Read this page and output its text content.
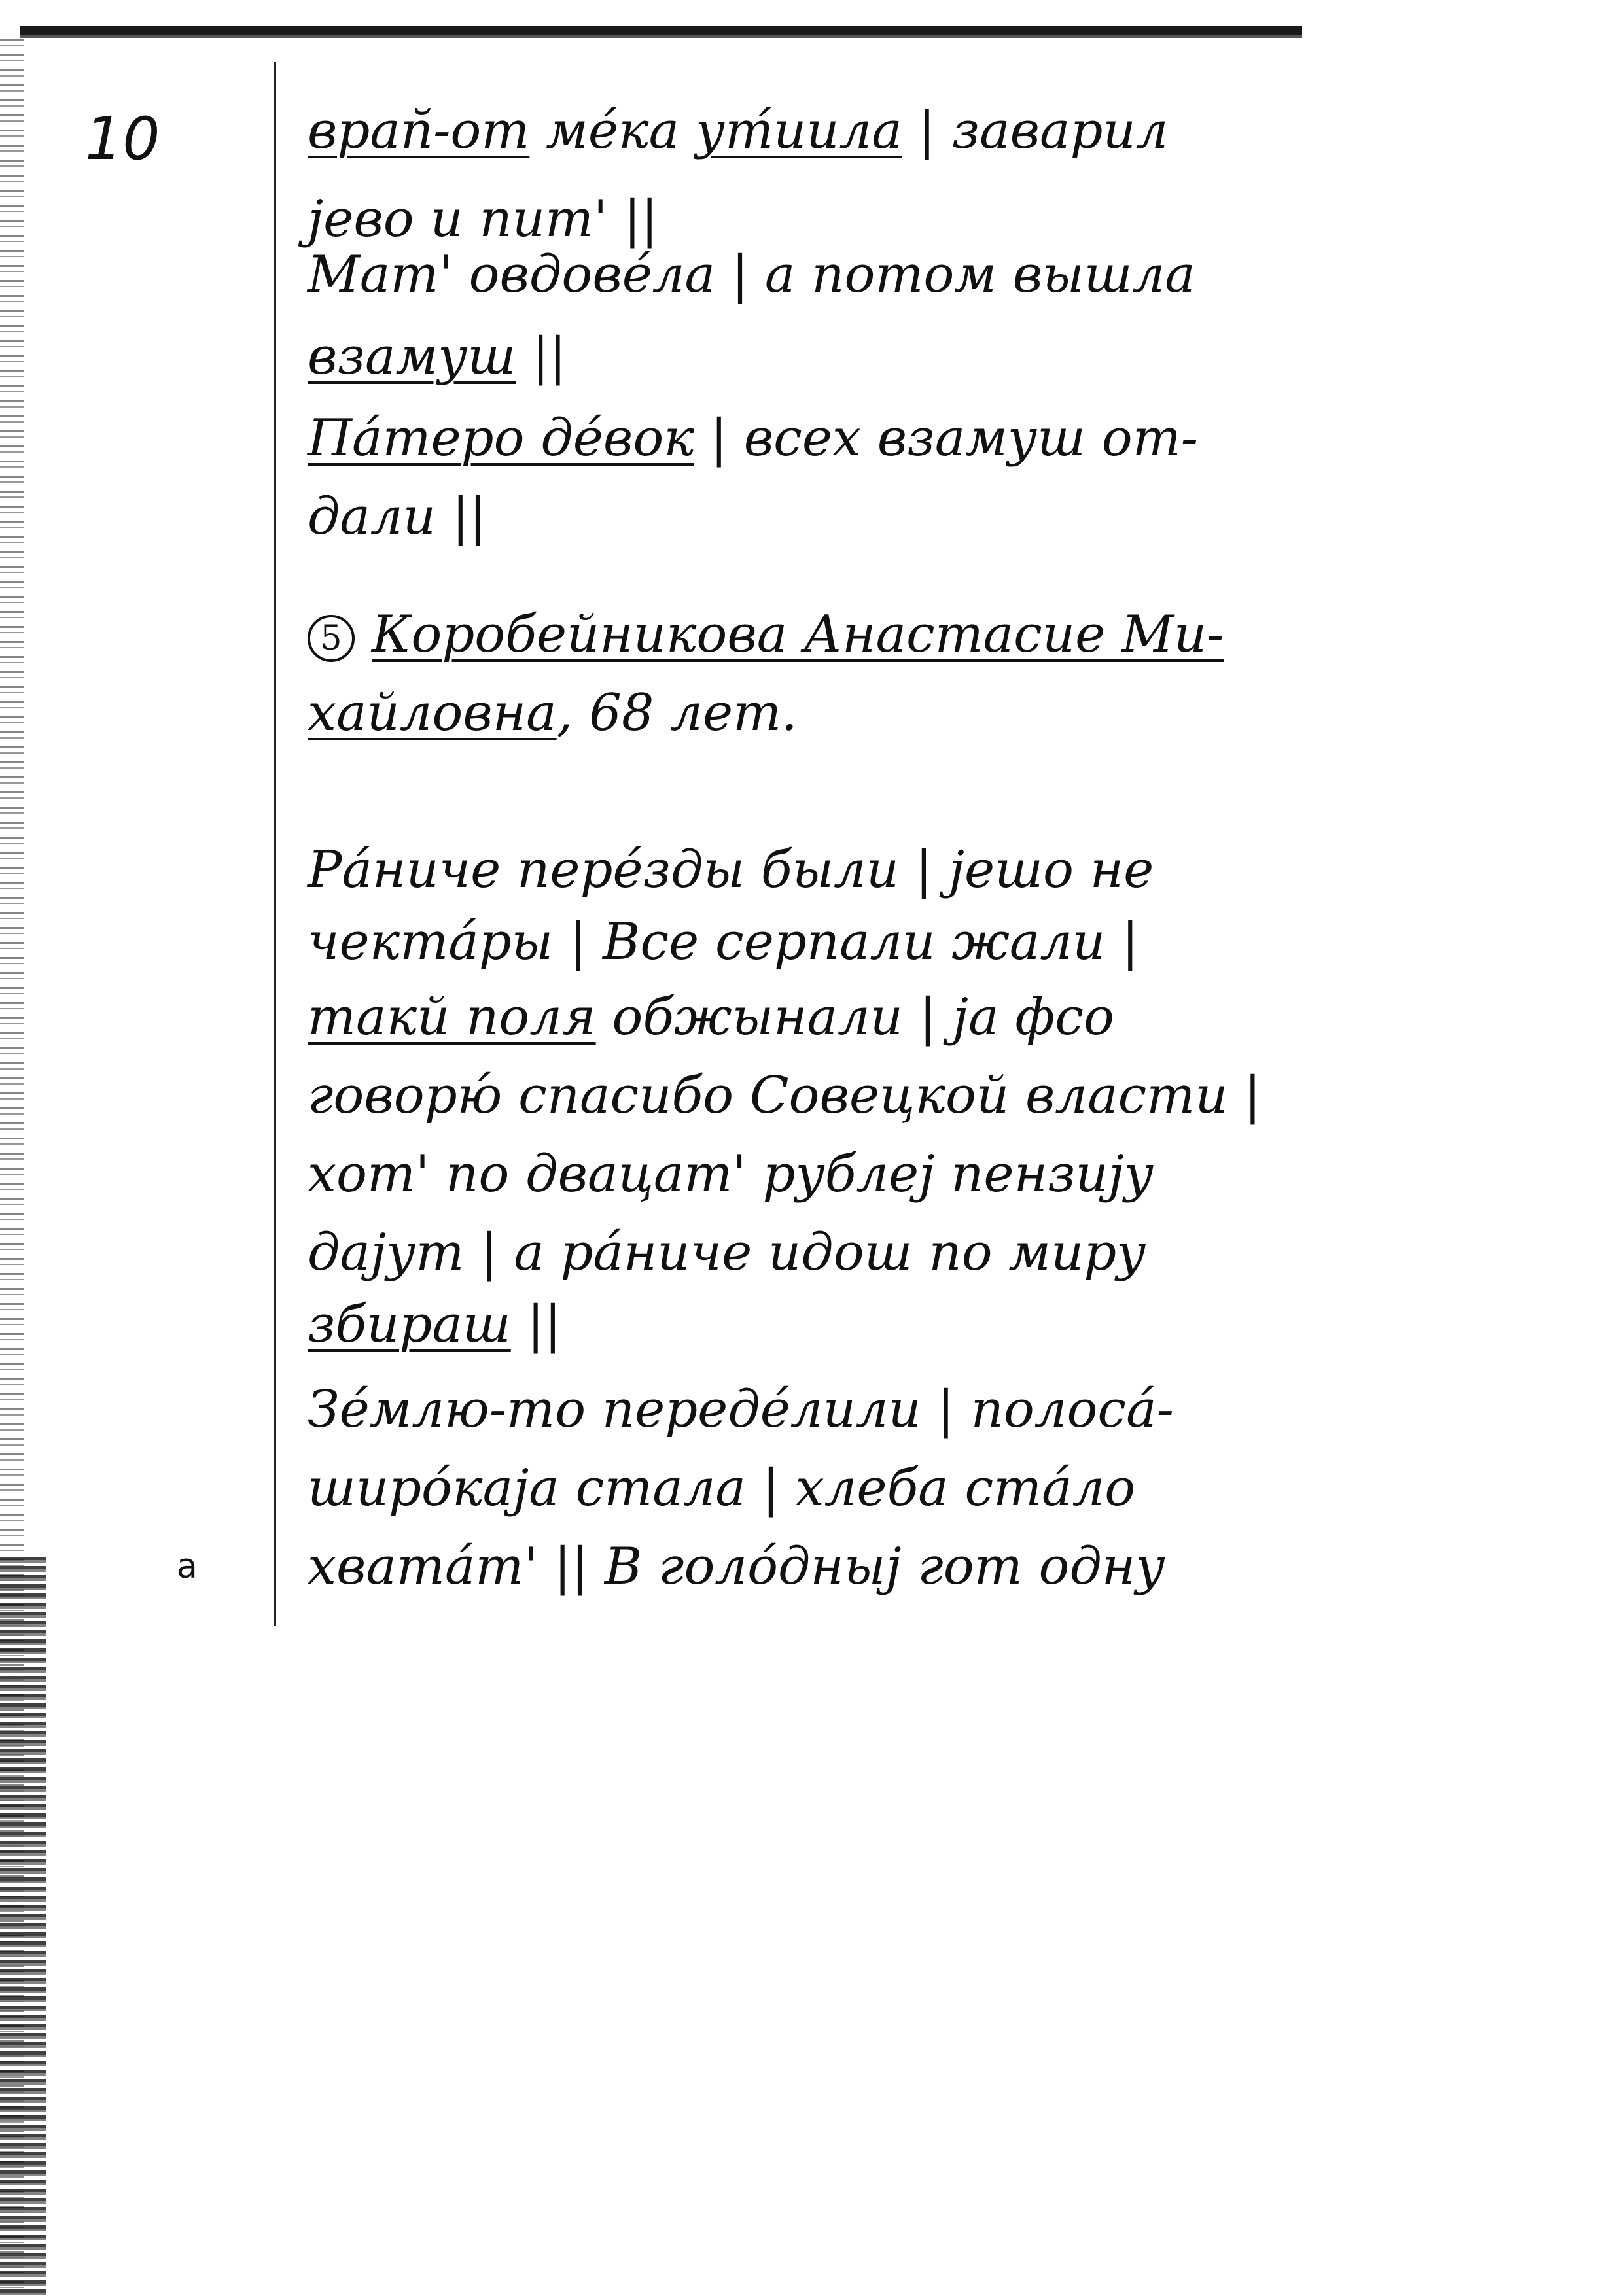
10
a
врап̆-от ме́ка ут́иила | заварил
jево и пит' ||
Мат' овдове́ла | а потом вышла
взамуш ||
Па́теро де́вок | всех взамуш от-
дали ||
5 Коробейникова Анастасие Ми-
хайловна, 68 лет.
Ра́ниче пере́зды были | jешо не
чекта́ры | Все серпали жали |
такй поля обжынали | jа фсо
говорю́ спасибо Совецкой власти |
хот' по двацат' рублеj пензиjу
даjут | а ра́ниче идош по миру
збираш ||
Зе́млю-то переде́лили | полоса́-
широ́каjа стала | хлеба ста́ло
хвата́т' || В голо́дныj гот одну
